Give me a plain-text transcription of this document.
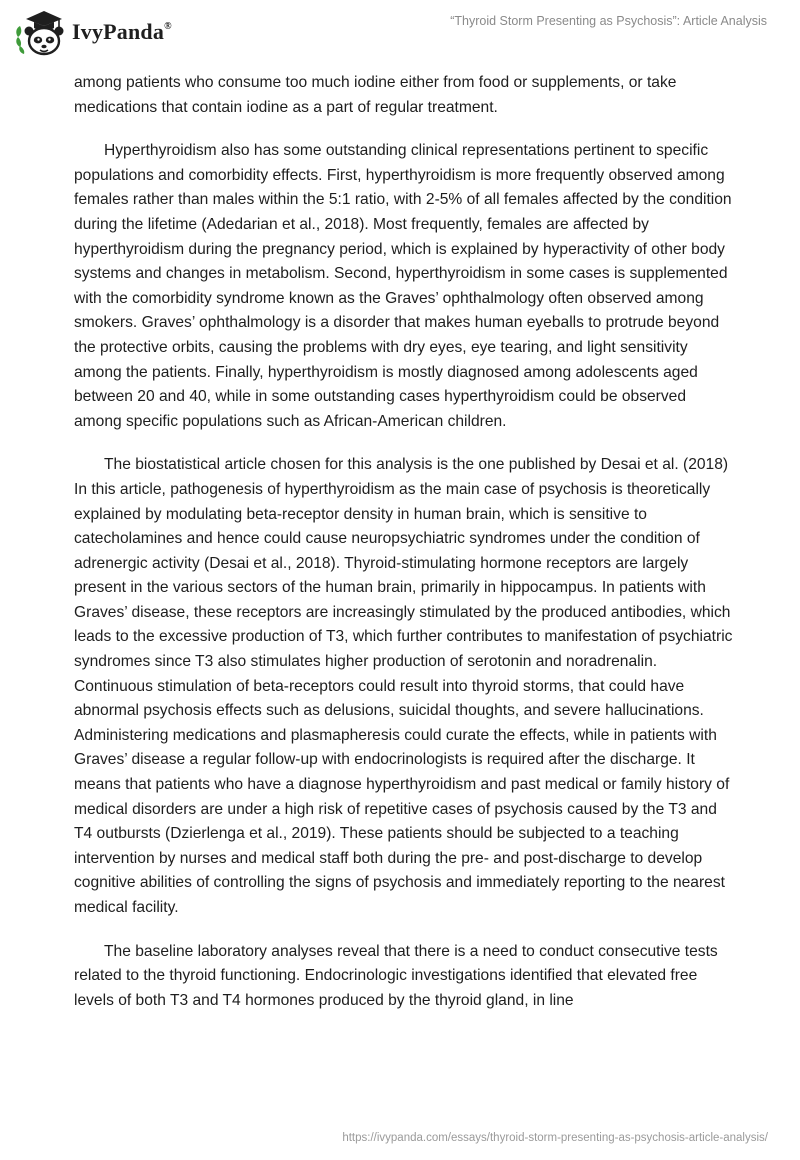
IvyPanda®	“Thyroid Storm Presenting as Psychosis”: Article Analysis

among patients who consume too much iodine either from food or supplements, or take medications that contain iodine as a part of regular treatment.

Hyperthyroidism also has some outstanding clinical representations pertinent to specific populations and comorbidity effects. First, hyperthyroidism is more frequently observed among females rather than males within the 5:1 ratio, with 2-5% of all females affected by the condition during the lifetime (Adedarian et al., 2018). Most frequently, females are affected by hyperthyroidism during the pregnancy period, which is explained by hyperactivity of other body systems and changes in metabolism. Second, hyperthyroidism in some cases is supplemented with the comorbidity syndrome known as the Graves’ ophthalmology often observed among smokers. Graves’ ophthalmology is a disorder that makes human eyeballs to protrude beyond the protective orbits, causing the problems with dry eyes, eye tearing, and light sensitivity among the patients. Finally, hyperthyroidism is mostly diagnosed among adolescents aged between 20 and 40, while in some outstanding cases hyperthyroidism could be observed among specific populations such as African-American children.

The biostatistical article chosen for this analysis is the one published by Desai et al. (2018) In this article, pathogenesis of hyperthyroidism as the main case of psychosis is theoretically explained by modulating beta-receptor density in human brain, which is sensitive to catecholamines and hence could cause neuropsychiatric syndromes under the condition of adrenergic activity (Desai et al., 2018). Thyroid-stimulating hormone receptors are largely present in the various sectors of the human brain, primarily in hippocampus. In patients with Graves’ disease, these receptors are increasingly stimulated by the produced antibodies, which leads to the excessive production of T3, which further contributes to manifestation of psychiatric syndromes since T3 also stimulates higher production of serotonin and noradrenalin. Continuous stimulation of beta-receptors could result into thyroid storms, that could have abnormal psychosis effects such as delusions, suicidal thoughts, and severe hallucinations. Administering medications and plasmapheresis could curate the effects, while in patients with Graves’ disease a regular follow-up with endocrinologists is required after the discharge. It means that patients who have a diagnose hyperthyroidism and past medical or family history of medical disorders are under a high risk of repetitive cases of psychosis caused by the T3 and T4 outbursts (Dzierlenga et al., 2019). These patients should be subjected to a teaching intervention by nurses and medical staff both during the pre- and post-discharge to develop cognitive abilities of controlling the signs of psychosis and immediately reporting to the nearest medical facility.

The baseline laboratory analyses reveal that there is a need to conduct consecutive tests related to the thyroid functioning. Endocrinologic investigations identified that elevated free levels of both T3 and T4 hormones produced by the thyroid gland, in line

https://ivypanda.com/essays/thyroid-storm-presenting-as-psychosis-article-analysis/
